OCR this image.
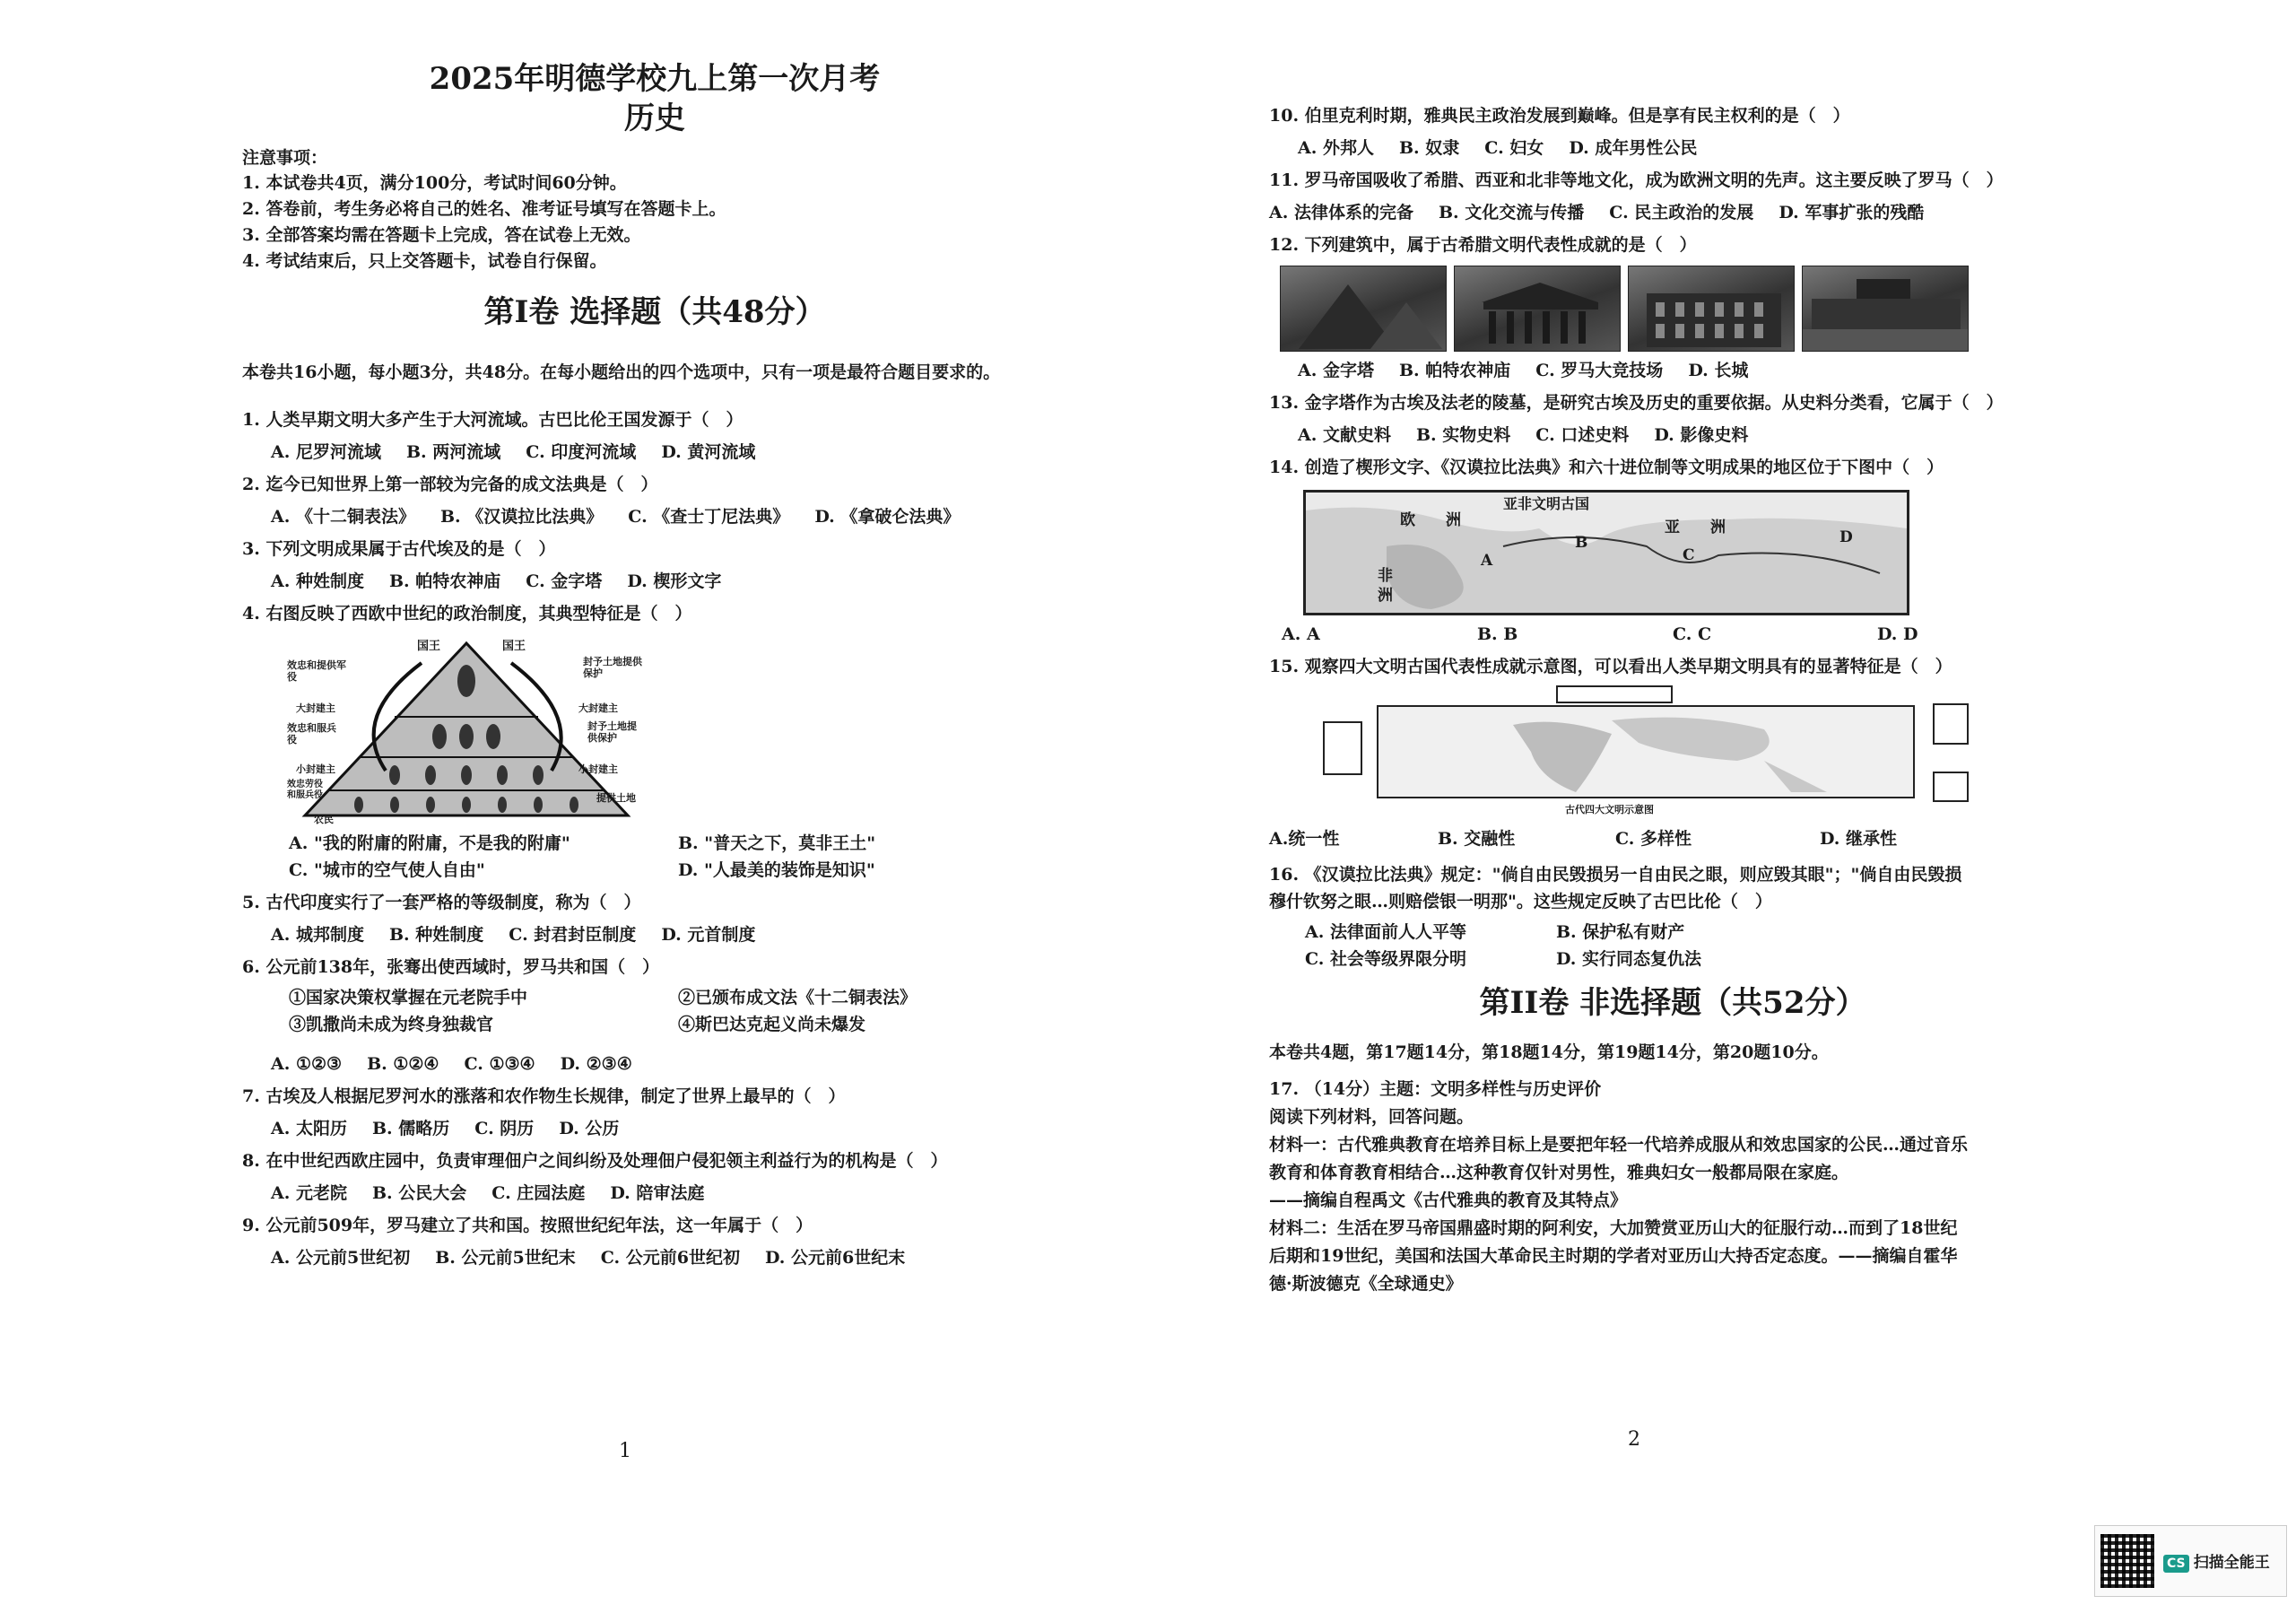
2025年明德学校九上第一次月考
历史
注意事项：
1. 本试卷共4页，满分100分，考试时间60分钟。
2. 答卷前，考生务必将自己的姓名、准考证号填写在答题卡上。
3. 全部答案均需在答题卡上完成，答在试卷上无效。
4. 考试结束后，只上交答题卡，试卷自行保留。
第I卷 选择题（共48分）
本卷共16小题，每小题3分，共48分。在每小题给出的四个选项中，只有一项是最符合题目要求的。
1. 人类早期文明大多产生于大河流域。古巴比伦王国发源于（　）
A. 尼罗河流域 B. 两河流域 C. 印度河流域 D. 黄河流域
2. 迄今已知世界上第一部较为完备的成文法典是（　）
A. 《十二铜表法》 B. 《汉谟拉比法典》 C. 《查士丁尼法典》 D. 《拿破仑法典》
3. 下列文明成果属于古代埃及的是（　）
A. 种姓制度 B. 帕特农神庙 C. 金字塔 D. 楔形文字
4. 右图反映了西欧中世纪的政治制度，其典型特征是（　）
国王	国王
效忠和提供军役
封予土地提供保护
大封建主	大封建主
效忠和服兵役
封予土地提供保护
小封建主	小封建主
效忠劳役和服兵役	提供土地
农民
A. "我的附庸的附庸，不是我的附庸"	B. "普天之下，莫非王土"
C. "城市的空气使人自由"	D. "人最美的装饰是知识"
5. 古代印度实行了一套严格的等级制度，称为（　）
A. 城邦制度 B. 种姓制度 C. 封君封臣制度 D. 元首制度
6. 公元前138年，张骞出使西域时，罗马共和国（　）
①国家决策权掌握在元老院手中	②已颁布成文法《十二铜表法》
③凯撒尚未成为终身独裁官	④斯巴达克起义尚未爆发
A. ①②③ B. ①②④ C. ①③④ D. ②③④
7. 古埃及人根据尼罗河水的涨落和农作物生长规律，制定了世界上最早的（　）
A. 太阳历 B. 儒略历 C. 阴历 D. 公历
8. 在中世纪西欧庄园中，负责审理佃户之间纠纷及处理佃户侵犯领主利益行为的机构是（　）
A. 元老院 B. 公民大会 C. 庄园法庭 D. 陪审法庭
9. 公元前509年，罗马建立了共和国。按照世纪纪年法，这一年属于（　）
A. 公元前5世纪初 B. 公元前5世纪末 C. 公元前6世纪初 D. 公元前6世纪末
1
10. 伯里克利时期，雅典民主政治发展到巅峰。但是享有民主权利的是（　）
A. 外邦人 B. 奴隶 C. 妇女 D. 成年男性公民
11. 罗马帝国吸收了希腊、西亚和北非等地文化，成为欧洲文明的先声。这主要反映了罗马（　）
A. 法律体系的完备 B. 文化交流与传播 C. 民主政治的发展 D. 军事扩张的残酷
12. 下列建筑中，属于古希腊文明代表性成就的是（　）
A. 金字塔 B. 帕特农神庙 C. 罗马大竞技场 D. 长城
13. 金字塔作为古埃及法老的陵墓，是研究古埃及历史的重要依据。从史料分类看，它属于（　）
A. 文献史料 B. 实物史料 C. 口述史料 D. 影像史料
14. 创造了楔形文字、《汉谟拉比法典》和六十进位制等文明成果的地区位于下图中（　）
亚非文明古国
欧　　洲	亚　　洲
非洲
A
B
C
D
A. A	B. B	C. C	D. D
15. 观察四大文明古国代表性成就示意图，可以看出人类早期文明具有的显著特征是（　）
古代四大文明示意图
A.统一性	B. 交融性	C. 多样性	D. 继承性
16. 《汉谟拉比法典》规定："倘自由民毁损另一自由民之眼，则应毁其眼"；"倘自由民毁损
穆什钦努之眼…则赔偿银一明那"。这些规定反映了古巴比伦（　）
A. 法律面前人人平等	B. 保护私有财产
C. 社会等级界限分明	D. 实行同态复仇法
第II卷 非选择题（共52分）
本卷共4题，第17题14分，第18题14分，第19题14分，第20题10分。
17. （14分）主题：文明多样性与历史评价
阅读下列材料，回答问题。
材料一：古代雅典教育在培养目标上是要把年轻一代培养成服从和效忠国家的公民…通过音乐
教育和体育教育相结合…这种教育仅针对男性，雅典妇女一般都局限在家庭。
——摘编自程禹文《古代雅典的教育及其特点》
材料二：生活在罗马帝国鼎盛时期的阿利安，大加赞赏亚历山大的征服行动…而到了18世纪
后期和19世纪，美国和法国大革命民主时期的学者对亚历山大持否定态度。——摘编自霍华
德·斯波德克《全球通史》
2
CS 扫描全能王
